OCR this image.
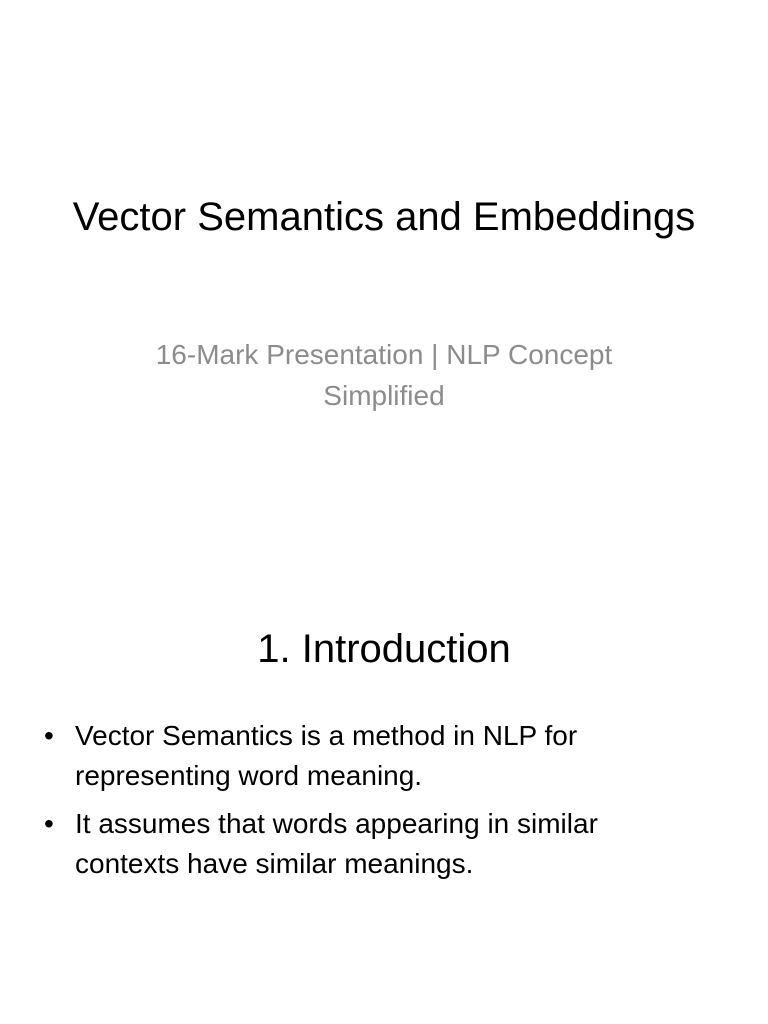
Vector Semantics and Embeddings

16-Mark Presentation | NLP Concept Simplified

1. Introduction
• Vector Semantics is a method in NLP for representing word meaning.
• It assumes that words appearing in similar contexts have similar meanings.
